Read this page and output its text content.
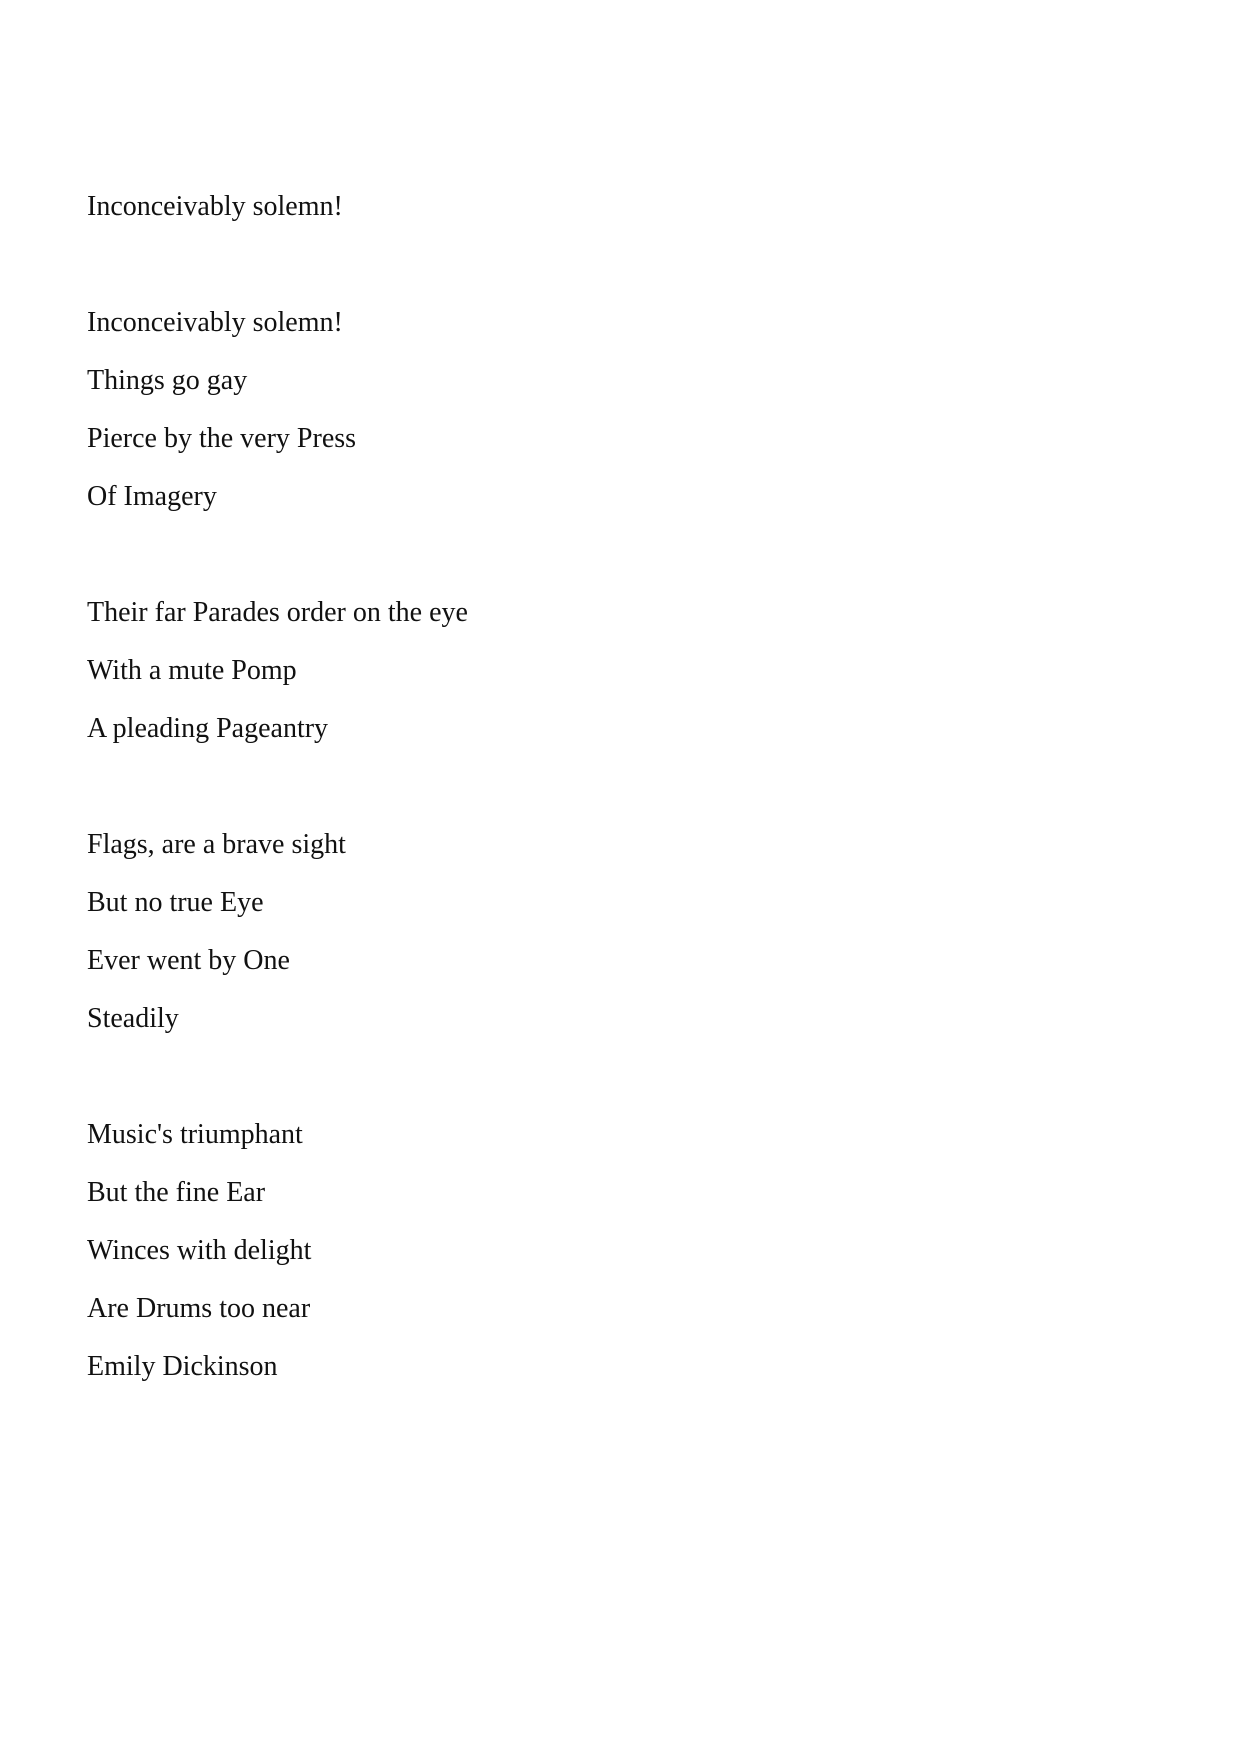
Inconceivably solemn!
Inconceivably solemn!
Things go gay
Pierce by the very Press
Of Imagery
Their far Parades order on the eye
With a mute Pomp
A pleading Pageantry
Flags, are a brave sight
But no true Eye
Ever went by One
Steadily
Music's triumphant
But the fine Ear
Winces with delight
Are Drums too near
Emily Dickinson
